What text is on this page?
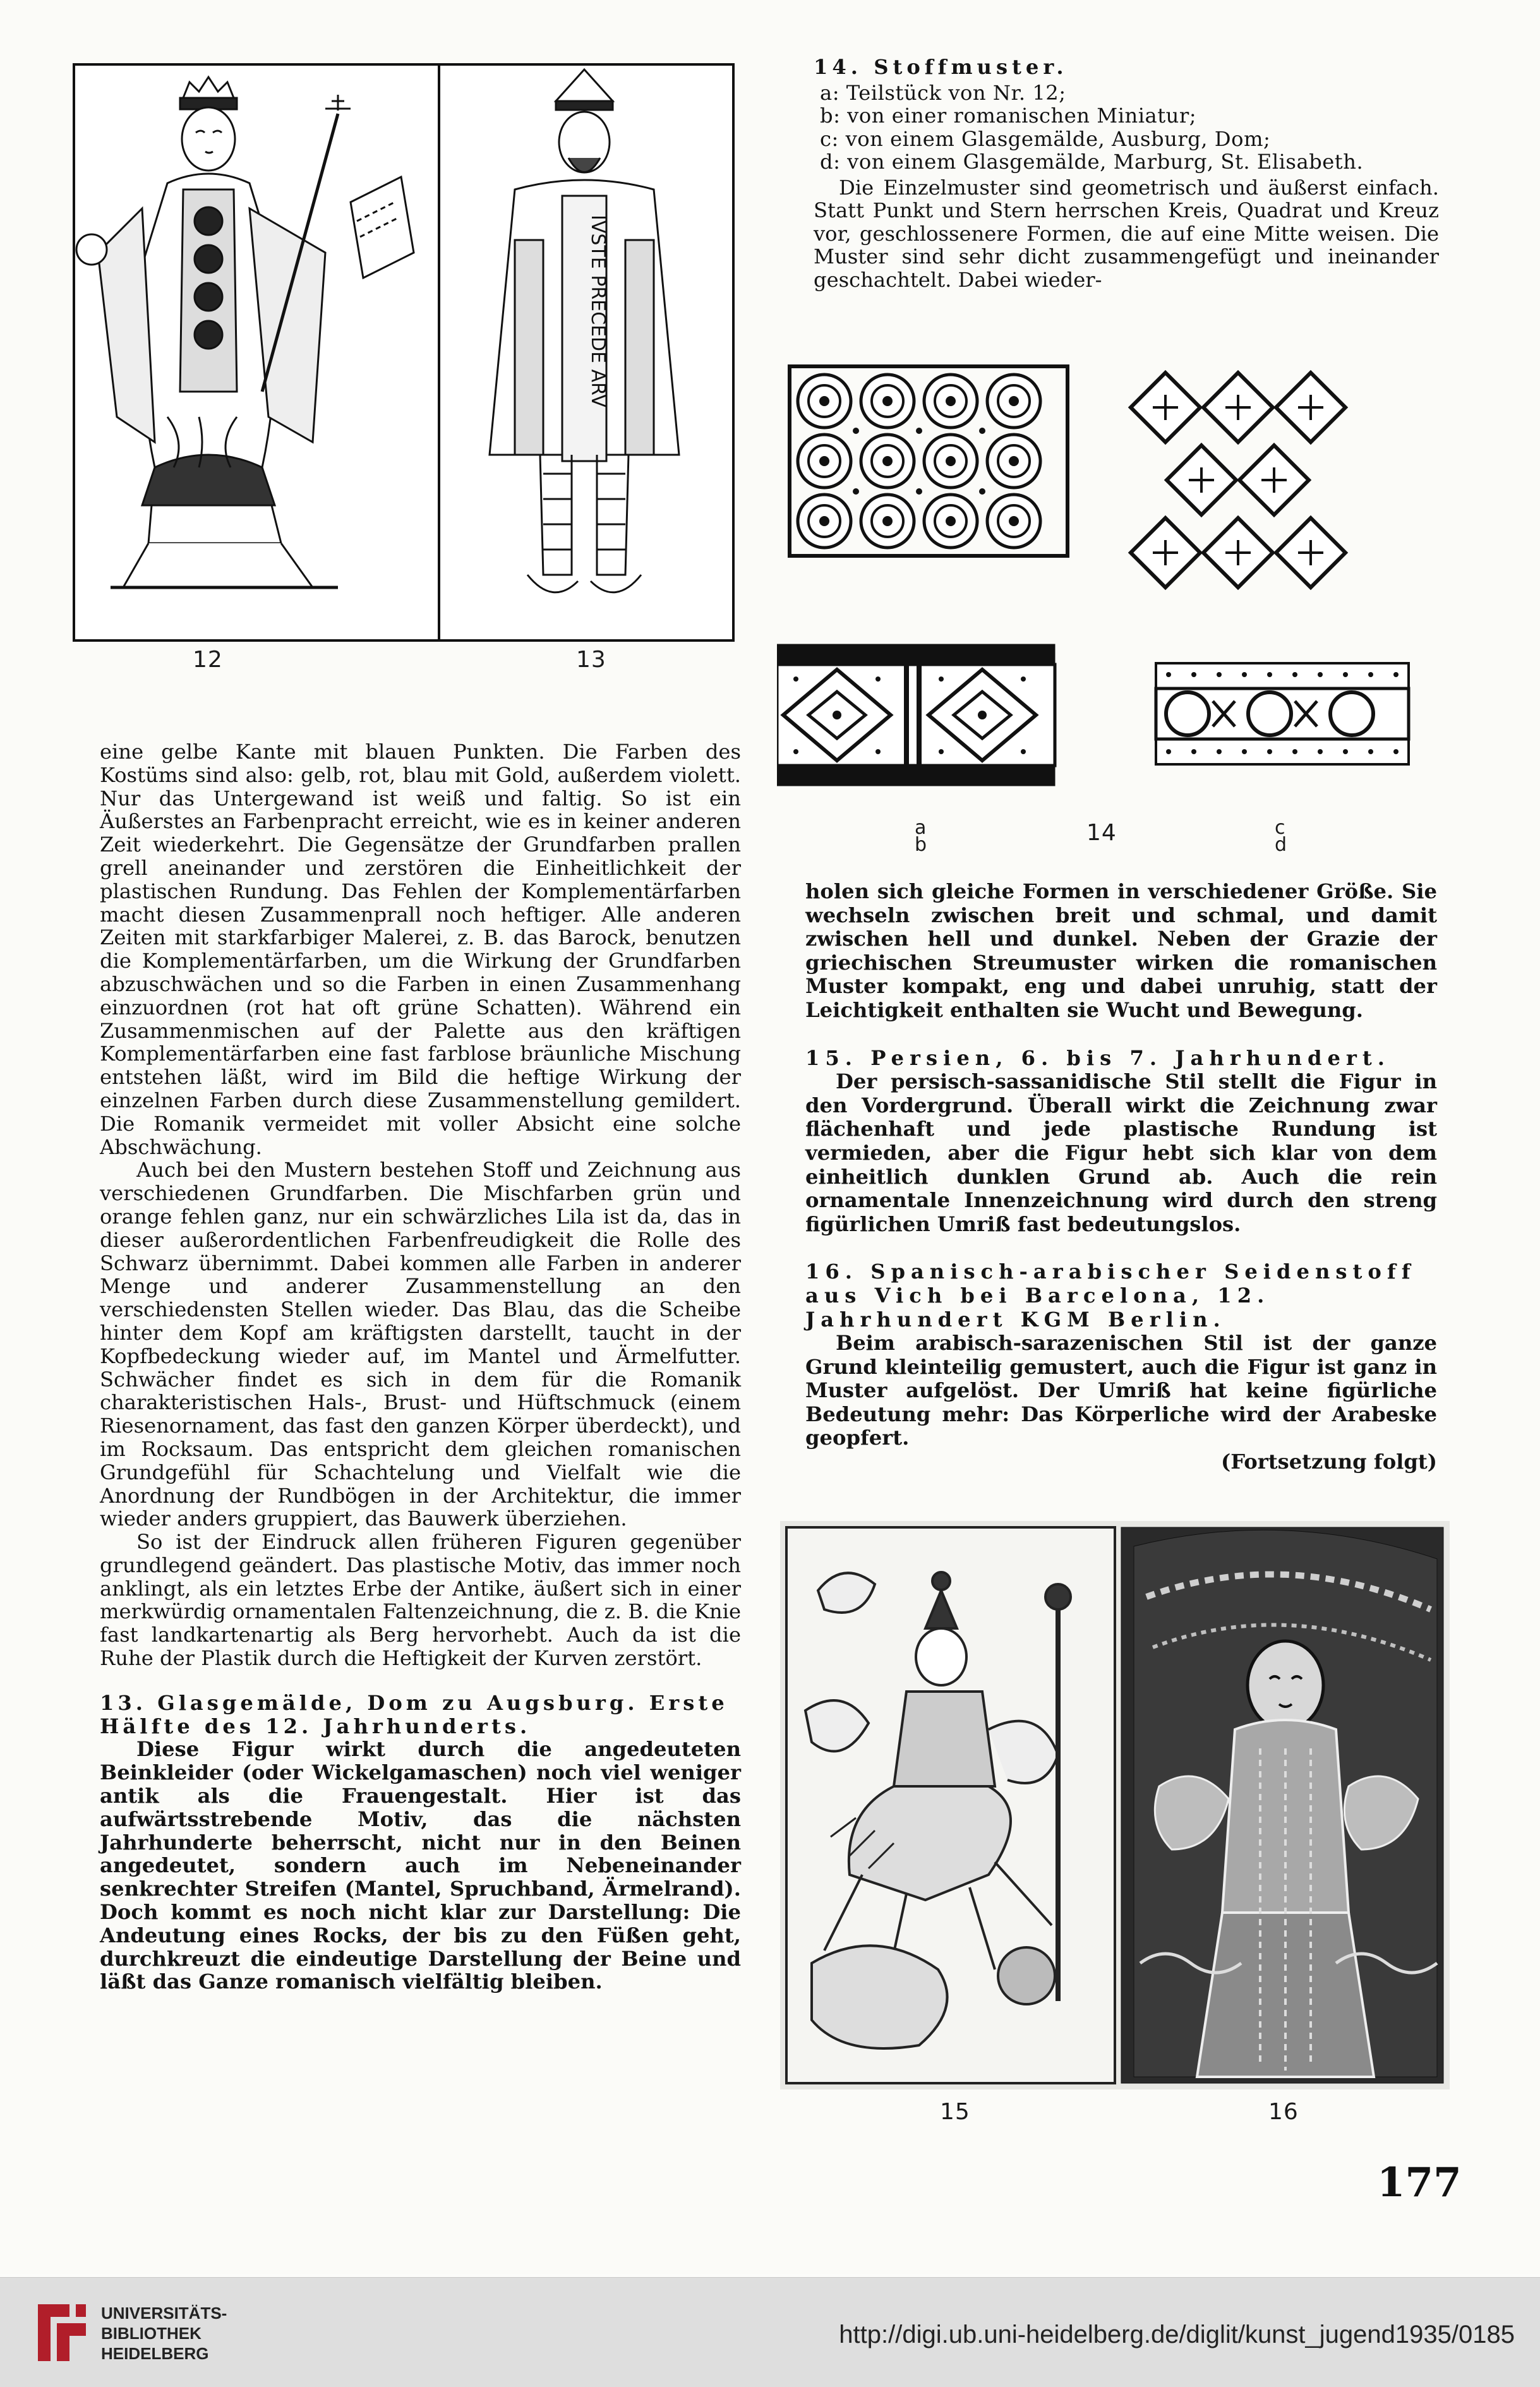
IVSTE PRECEDE ARV
12	13

14. Stoffmuster.

a: Teilstück von Nr. 12;

b: von einer romanischen Miniatur;

c: von einem Glasgemälde, Ausburg, Dom;

d: von einem Glasgemälde, Marburg, St. Elisabeth.

Die Einzelmuster sind geometrisch und äußerst einfach. Statt Punkt und Stern herrschen Kreis, Quadrat und Kreuz vor, geschlossenere Formen, die auf eine Mitte weisen. Die Muster sind sehr dicht zusammengefügt und ineinander geschachtelt. Dabei wieder-

a
b	14	c
d

eine gelbe Kante mit blauen Punkten. Die Farben des Kostüms sind also: gelb, rot, blau mit Gold, außerdem violett. Nur das Untergewand ist weiß und faltig. So ist ein Äußerstes an Farbenpracht erreicht, wie es in keiner anderen Zeit wiederkehrt. Die Gegensätze der Grundfarben prallen grell aneinander und zerstören die Einheitlichkeit der plastischen Rundung. Das Fehlen der Komplementärfarben macht diesen Zusammenprall noch heftiger. Alle anderen Zeiten mit starkfarbiger Malerei, z. B. das Barock, benutzen die Komplementärfarben, um die Wirkung der Grundfarben abzuschwächen und so die Farben in einen Zusammenhang einzuordnen (rot hat oft grüne Schatten). Während ein Zusammenmischen auf der Palette aus den kräftigen Komplementärfarben eine fast farblose bräunliche Mischung entstehen läßt, wird im Bild die heftige Wirkung der einzelnen Farben durch diese Zusammenstellung gemildert. Die Romanik vermeidet mit voller Absicht eine solche Abschwächung.

Auch bei den Mustern bestehen Stoff und Zeichnung aus verschiedenen Grundfarben. Die Mischfarben grün und orange fehlen ganz, nur ein schwärzliches Lila ist da, das in dieser außerordentlichen Farbenfreudigkeit die Rolle des Schwarz übernimmt. Dabei kommen alle Farben in anderer Menge und anderer Zusammenstellung an den verschiedensten Stellen wieder. Das Blau, das die Scheibe hinter dem Kopf am kräftigsten darstellt, taucht in der Kopfbedeckung wieder auf, im Mantel und Ärmelfutter. Schwächer findet es sich in dem für die Romanik charakteristischen Hals-, Brust- und Hüftschmuck (einem Riesenornament, das fast den ganzen Körper überdeckt), und im Rocksaum. Das entspricht dem gleichen romanischen Grundgefühl für Schachtelung und Vielfalt wie die Anordnung der Rundbögen in der Architektur, die immer wieder anders gruppiert, das Bauwerk überziehen.

So ist der Eindruck allen früheren Figuren gegenüber grundlegend geändert. Das plastische Motiv, das immer noch anklingt, als ein letztes Erbe der Antike, äußert sich in einer merkwürdig ornamentalen Faltenzeichnung, die z. B. die Knie fast landkartenartig als Berg hervorhebt. Auch da ist die Ruhe der Plastik durch die Heftigkeit der Kurven zerstört.

13. Glasgemälde, Dom zu Augsburg. Erste Hälfte des 12. Jahrhunderts.

Diese Figur wirkt durch die angedeuteten Beinkleider (oder Wickelgamaschen) noch viel weniger antik als die Frauengestalt. Hier ist das aufwärtsstrebende Motiv, das die nächsten Jahrhunderte beherrscht, nicht nur in den Beinen angedeutet, sondern auch im Nebeneinander senkrechter Streifen (Mantel, Spruchband, Ärmelrand). Doch kommt es noch nicht klar zur Darstellung: Die Andeutung eines Rocks, der bis zu den Füßen geht, durchkreuzt die eindeutige Darstellung der Beine und läßt das Ganze romanisch vielfältig bleiben.

holen sich gleiche Formen in verschiedener Größe. Sie wechseln zwischen breit und schmal, und damit zwischen hell und dunkel. Neben der Grazie der griechischen Streumuster wirken die romanischen Muster kompakt, eng und dabei unruhig, statt der Leichtigkeit enthalten sie Wucht und Bewegung.

15. Persien, 6. bis 7. Jahrhundert.

Der persisch-sassanidische Stil stellt die Figur in den Vordergrund. Überall wirkt die Zeichnung zwar flächenhaft und jede plastische Rundung ist vermieden, aber die Figur hebt sich klar von dem einheitlich dunklen Grund ab. Auch die rein ornamentale Innenzeichnung wird durch den streng figürlichen Umriß fast bedeutungslos.

16. Spanisch-arabischer Seidenstoff aus Vich bei Barcelona, 12. Jahrhundert KGM Berlin.

Beim arabisch-sarazenischen Stil ist der ganze Grund kleinteilig gemustert, auch die Figur ist ganz in Muster aufgelöst. Der Umriß hat keine figürliche Bedeutung mehr: Das Körperliche wird der Arabeske geopfert.

(Fortsetzung folgt)

15	16
177
UNIVERSITÄTS-
BIBLIOTHEK
HEIDELBERG
http://digi.ub.uni-heidelberg.de/diglit/kunst_jugend1935/0185
